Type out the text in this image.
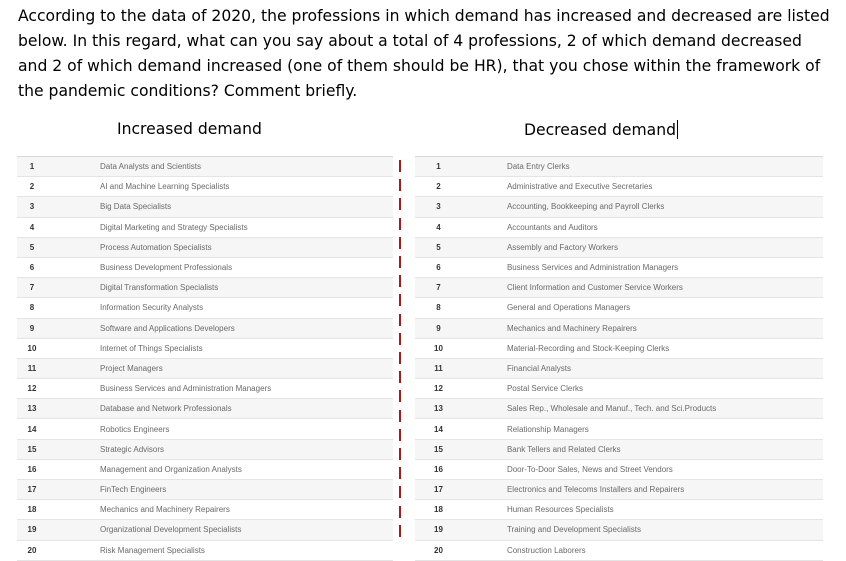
According to the data of 2020, the professions in which demand has increased and decreased are listed below. In this regard, what can you say about a total of 4 professions, 2 of which demand decreased and 2 of which demand increased (one of them should be HR), that you chose within the framework of the pandemic conditions? Comment briefly.
Increased demand	Decreased demand
1	Data Analysts and Scientists
2	AI and Machine Learning Specialists
3	Big Data Specialists
4	Digital Marketing and Strategy Specialists
5	Process Automation Specialists
6	Business Development Professionals
7	Digital Transformation Specialists
8	Information Security Analysts
9	Software and Applications Developers
10	Internet of Things Specialists
11	Project Managers
12	Business Services and Administration Managers
13	Database and Network Professionals
14	Robotics Engineers
15	Strategic Advisors
16	Management and Organization Analysts
17	FinTech Engineers
18	Mechanics and Machinery Repairers
19	Organizational Development Specialists
20	Risk Management Specialists
1	Data Entry Clerks
2	Administrative and Executive Secretaries
3	Accounting, Bookkeeping and Payroll Clerks
4	Accountants and Auditors
5	Assembly and Factory Workers
6	Business Services and Administration Managers
7	Client Information and Customer Service Workers
8	General and Operations Managers
9	Mechanics and Machinery Repairers
10	Material-Recording and Stock-Keeping Clerks
11	Financial Analysts
12	Postal Service Clerks
13	Sales Rep., Wholesale and Manuf., Tech. and Sci.Products
14	Relationship Managers
15	Bank Tellers and Related Clerks
16	Door-To-Door Sales, News and Street Vendors
17	Electronics and Telecoms Installers and Repairers
18	Human Resources Specialists
19	Training and Development Specialists
20	Construction Laborers
